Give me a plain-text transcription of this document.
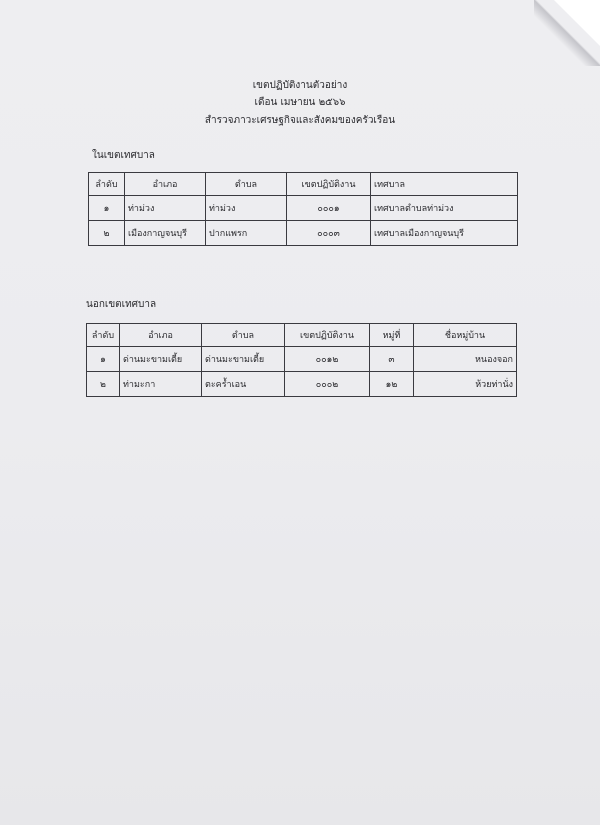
เขตปฏิบัติงานตัวอย่าง
เดือน เมษายน ๒๕๖๖
สำรวจภาวะเศรษฐกิจและสังคมของครัวเรือน
ในเขตเทศบาล
ลำดับ	อำเภอ	ตำบล	เขตปฏิบัติงาน	เทศบาล
๑	ท่าม่วง	ท่าม่วง	๐๐๐๑	เทศบาลตำบลท่าม่วง
๒	เมืองกาญจนบุรี	ปากแพรก	๐๐๐๓	เทศบาลเมืองกาญจนบุรี
นอกเขตเทศบาล
ลำดับ	อำเภอ	ตำบล	เขตปฏิบัติงาน	หมู่ที่	ชื่อหมู่บ้าน
๑	ด่านมะขามเตี้ย	ด่านมะขามเตี้ย	๐๐๑๒	๓	หนองจอก
๒	ท่ามะกา	ตะคร้ำเอน	๐๐๐๒	๑๒	ห้วยท่านั่ง
